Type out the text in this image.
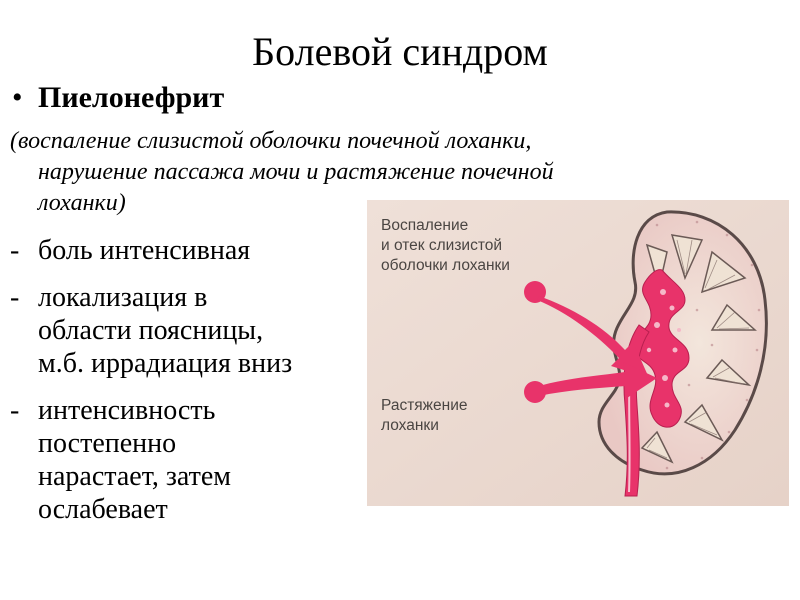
Болевой синдром
• Пиелонефрит
(воспаление слизистой оболочки почечной лоханки,
нарушение пассажа мочи и растяжение почечной
лоханки)
- боль интенсивная
- локализация в
области поясницы,
м.б. иррадиация вниз
- интенсивность
постепенно
нарастает, затем
ослабевает
Воспаление
и отек слизистой
оболочки лоханки
Растяжение
лоханки
